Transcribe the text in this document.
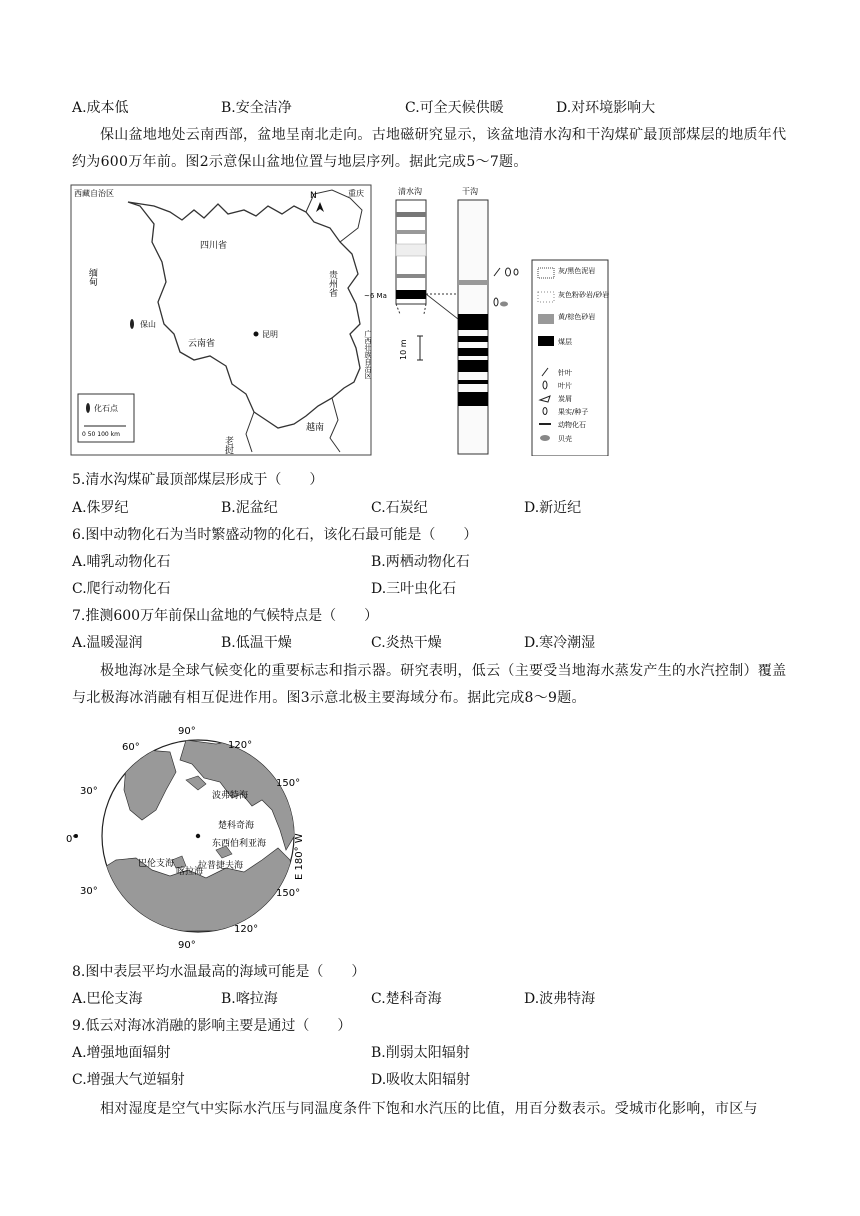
A.成本低	B.安全洁净	C.可全天候供暖	D.对环境影响大
保山盆地地处云南西部，盆地呈南北走向。古地磁研究显示，该盆地清水沟和干沟煤矿最顶部煤层的地质年代约为600万年前。图2示意保山盆地位置与地层序列。据此完成5～7题。
N
西藏自治区
四川省
重庆
贵州省
缅甸
云南省	广西壮族自治区
老挝
越南
保山
昆明
化石点
0 50 100 km
清水沟
~6 Ma
10 m
干沟
灰/黑色泥岩
灰色粉砂岩/砂岩
黄/棕色砂岩
煤层
针叶
叶片
炭屑
果实/种子
动物化石
贝壳
5.清水沟煤矿最顶部煤层形成于（　　）
A.侏罗纪	B.泥盆纪	C.石炭纪	D.新近纪
6.图中动物化石为当时繁盛动物的化石，该化石最可能是（　　）
A.哺乳动物化石	B.两栖动物化石
C.爬行动物化石	D.三叶虫化石
7.推测600万年前保山盆地的气候特点是（　　）
A.温暖湿润	B.低温干燥	C.炎热干燥	D.寒冷潮湿
极地海冰是全球气候变化的重要标志和指示器。研究表明，低云（主要受当地海水蒸发产生的水汽控制）覆盖与北极海冰消融有相互促进作用。图3示意北极主要海域分布。据此完成8～9题。
波弗特海
楚科奇海
东西伯利亚海
巴伦支海
喀拉海
拉普捷夫海
90°
120°
60°
150°
30°
E 180° W
0°
30°	150°
120°
90°
8.图中表层平均水温最高的海域可能是（　　）
A.巴伦支海	B.喀拉海	C.楚科奇海	D.波弗特海
9.低云对海冰消融的影响主要是通过（　　）
A.增强地面辐射	B.削弱太阳辐射
C.增强大气逆辐射	D.吸收太阳辐射
相对湿度是空气中实际水汽压与同温度条件下饱和水汽压的比值，用百分数表示。受城市化影响，市区与
